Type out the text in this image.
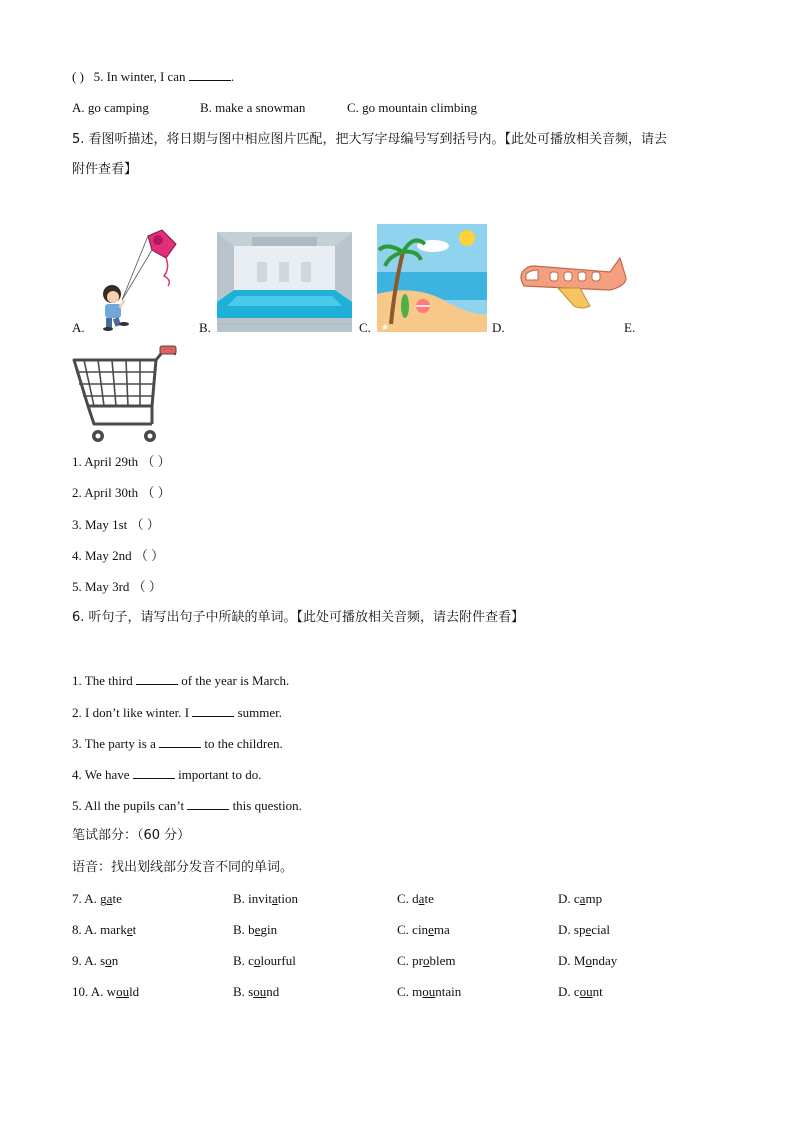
( ) 5. In winter, I can	.
A. go camping	B. make a snowman	C. go mountain climbing
5. 看图听描述，将日期与图中相应图片匹配，把大写字母编号写到括号内。【此处可播放相关音频，请去
附件查看】
A.	B.	★
C.	D.	E.
1. April 29th （ ）
2. April 30th （ ）
3. May 1st （ ）
4. May 2nd （ ）
5. May 3rd （ ）
6. 听句子，请写出句子中所缺的单词。【此处可播放相关音频，请去附件查看】
1. The third	of the year is March.
2. I don’t like winter. I	summer.
3. The party is a	to the children.
4. We have	important to do.
5. All the pupils can’t	this question.
笔试部分：（60 分）
语音：找出划线部分发音不同的单词。
7. A. gate	B. invitation	C. date	D. camp
8. A. market	B. begin	C. cinema	D. special
9. A. son	B. colourful	C. problem	D. Monday
10. A. would	B. sound	C. mountain	D. count
